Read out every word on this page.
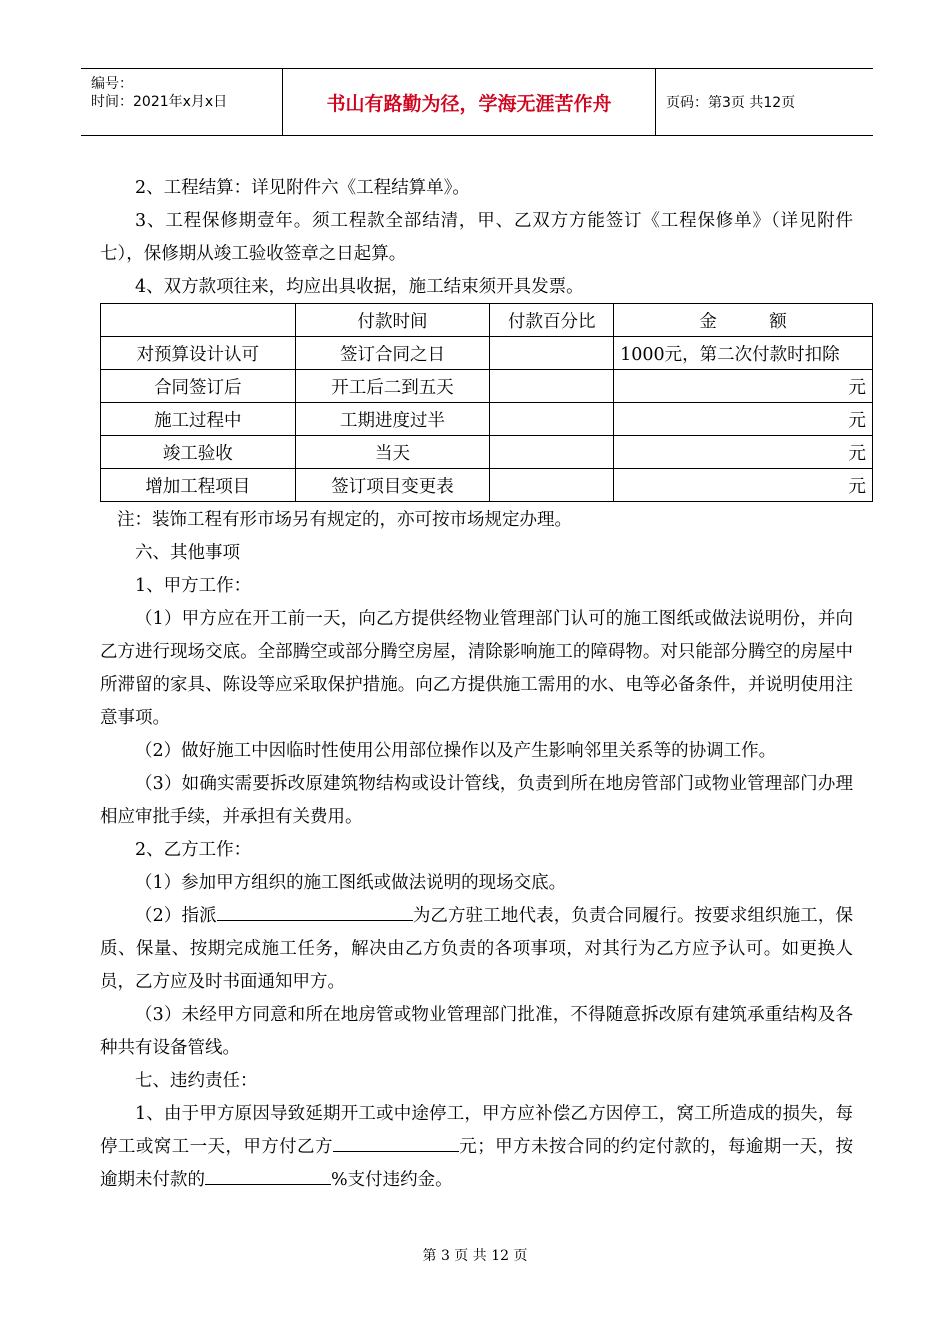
编号：
时间：2021年x月x日	书山有路勤为径，学海无涯苦作舟	页码：第3页 共12页
2、工程结算：详见附件六《工程结算单》。
3、工程保修期壹年。须工程款全部结清，甲、乙双方方能签订《工程保修单》（详见附件七），保修期从竣工验收签章之日起算。
4、双方款项往来，均应出具收据，施工结束须开具发票。
	付款时间	付款百分比	金　　　额
对预算设计认可	签订合同之日		1000元，第二次付款时扣除
合同签订后	开工后二到五天		元
施工过程中	工期进度过半		元
竣工验收	当天		元
增加工程项目	签订项目变更表		元
注：装饰工程有形市场另有规定的，亦可按市场规定办理。
六、其他事项
1、甲方工作：
（1）甲方应在开工前一天，向乙方提供经物业管理部门认可的施工图纸或做法说明份，并向乙方进行现场交底。全部腾空或部分腾空房屋，清除影响施工的障碍物。对只能部分腾空的房屋中所滞留的家具、陈设等应采取保护措施。向乙方提供施工需用的水、电等必备条件，并说明使用注意事项。
（2）做好施工中因临时性使用公用部位操作以及产生影响邻里关系等的协调工作。
（3）如确实需要拆改原建筑物结构或设计管线，负责到所在地房管部门或物业管理部门办理相应审批手续，并承担有关费用。
2、乙方工作：
（1）参加甲方组织的施工图纸或做法说明的现场交底。
（2）指派	为乙方驻工地代表，负责合同履行。按要求组织施工，保质、保量、按期完成施工任务，解决由乙方负责的各项事项，对其行为乙方应予认可。如更换人员，乙方应及时书面通知甲方。
（3）未经甲方同意和所在地房管或物业管理部门批准，不得随意拆改原有建筑承重结构及各种共有设备管线。
七、违约责任：
1、由于甲方原因导致延期开工或中途停工，甲方应补偿乙方因停工，窝工所造成的损失，每停工或窝工一天，甲方付乙方	元；甲方未按合同的约定付款的，每逾期一天，按逾期未付款的	%支付违约金。
第 3 页 共 12 页
